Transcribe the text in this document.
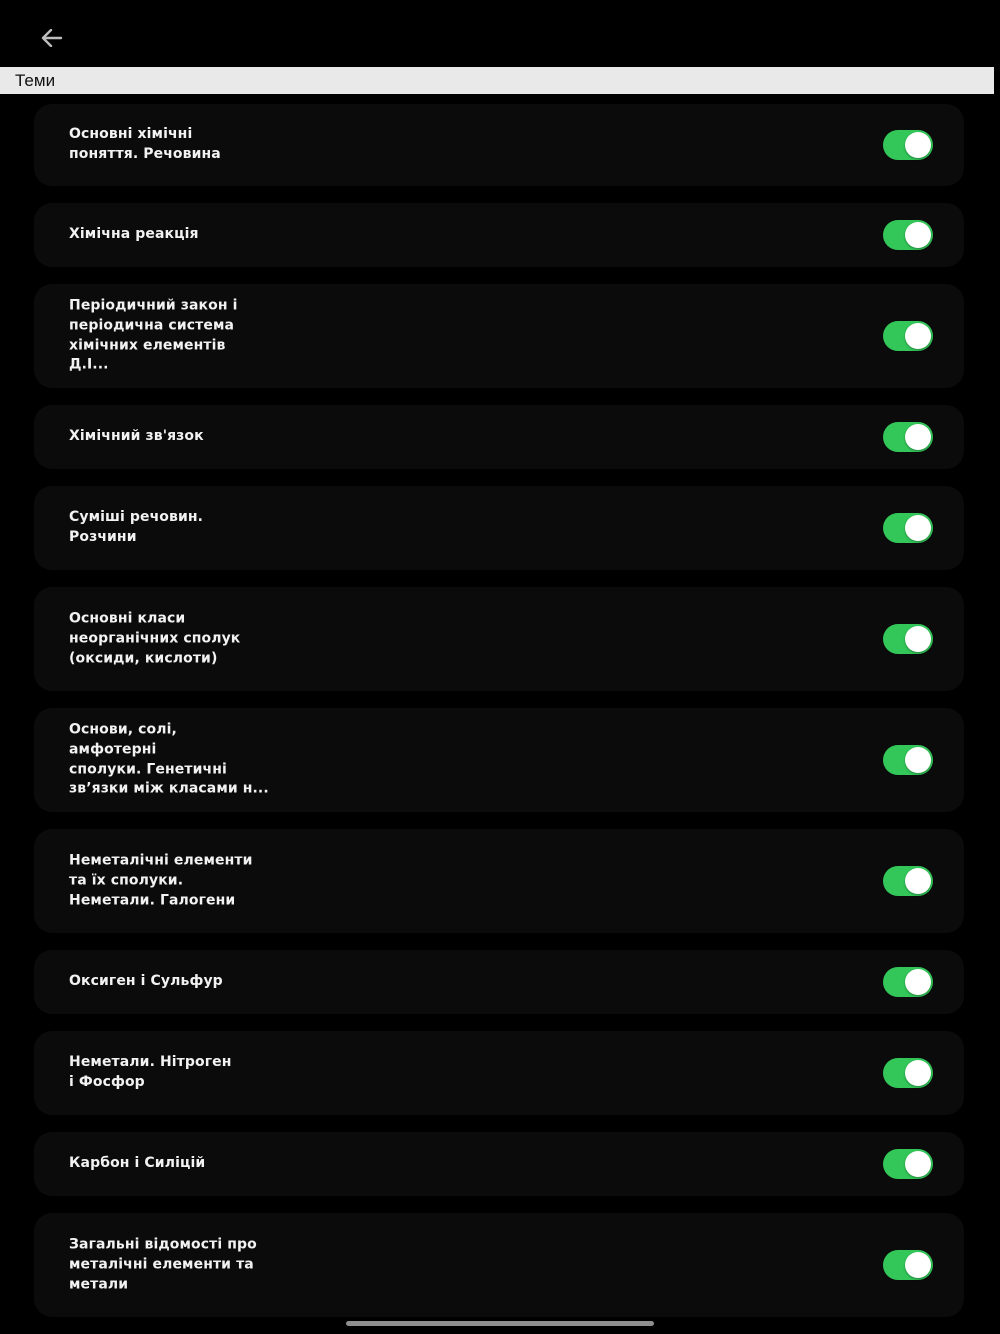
Теми
Основні хімічні
поняття. Речовина
Хімічна реакція
Періодичний закон і
періодична система
хімічних елементів Д.І...
Хімічний зв'язок
Суміші речовин.
Розчини
Основні класи
неорганічних сполук
(оксиди, кислоти)
Основи, солі, амфотерні
сполуки. Генетичні
зв’язки між класами н...
Неметалічні елементи
та їх сполуки.
Неметали. Галогени
Оксиген і Сульфур
Неметали. Нітроген
і Фосфор
Карбон і Силіцій
Загальні відомості про
металічні елементи та
метали
